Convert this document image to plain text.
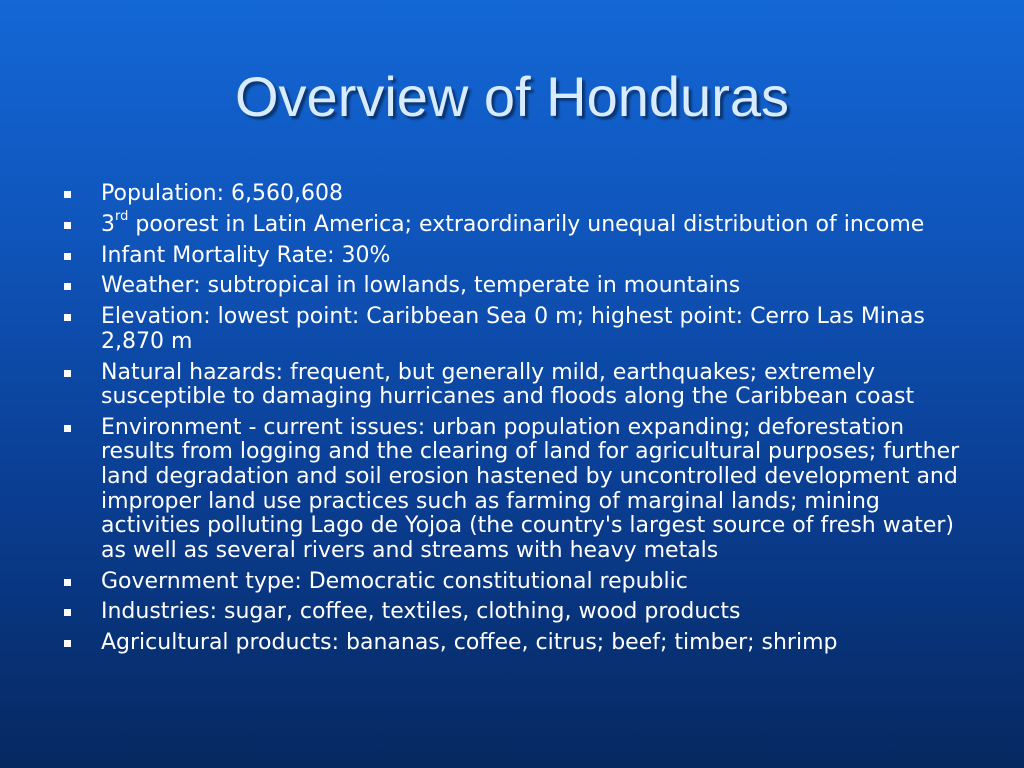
Overview of Honduras
Population: 6,560,608
3rd poorest in Latin America; extraordinarily unequal distribution of income
Infant Mortality Rate: 30%
Weather: subtropical in lowlands, temperate in mountains
Elevation: lowest point: Caribbean Sea 0 m; highest point: Cerro Las Minas 2,870 m
Natural hazards: frequent, but generally mild, earthquakes; extremely susceptible to damaging hurricanes and floods along the Caribbean coast
Environment - current issues: urban population expanding; deforestation results from logging and the clearing of land for agricultural purposes; further land degradation and soil erosion hastened by uncontrolled development and improper land use practices such as farming of marginal lands; mining activities polluting Lago de Yojoa (the country's largest source of fresh water) as well as several rivers and streams with heavy metals
Government type: Democratic constitutional republic
Industries: sugar, coffee, textiles, clothing, wood products
Agricultural products: bananas, coffee, citrus; beef; timber; shrimp
